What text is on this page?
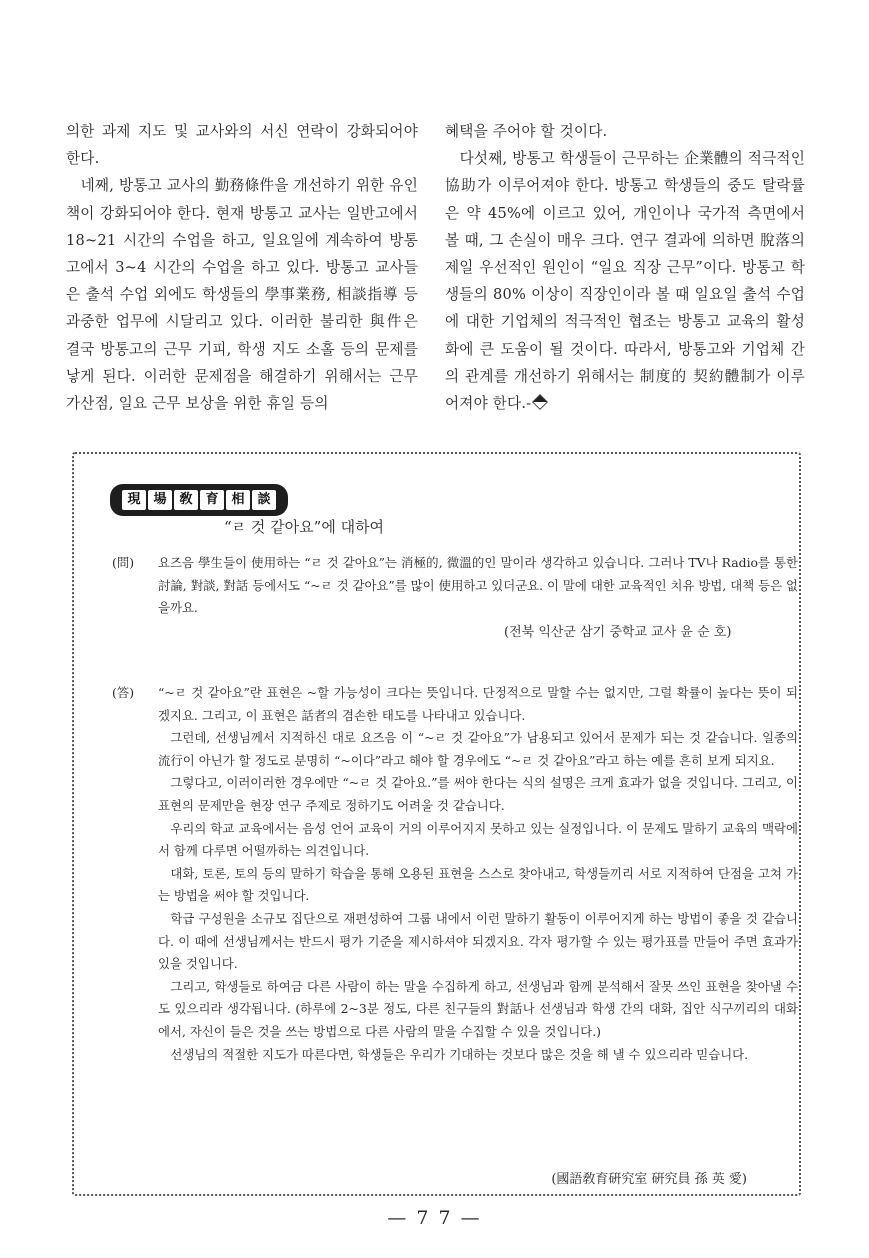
의한 과제 지도 및 교사와의 서신 연락이 강화되어야 한다.

네째, 방통고 교사의 勤務條件을 개선하기 위한 유인책이 강화되어야 한다. 현재 방통고 교사는 일반고에서 18~21 시간의 수업을 하고, 일요일에 계속하여 방통고에서 3~4 시간의 수업을 하고 있다. 방통고 교사들은 출석 수업 외에도 학생들의 學事業務, 相談指導 등 과중한 업무에 시달리고 있다. 이러한 불리한 與件은 결국 방통고의 근무 기피, 학생 지도 소홀 등의 문제를 낳게 된다. 이러한 문제점을 해결하기 위해서는 근무 가산점, 일요 근무 보상을 위한 휴일 등의

혜택을 주어야 할 것이다.

다섯째, 방통고 학생들이 근무하는 企業體의 적극적인 協助가 이루어져야 한다. 방통고 학생들의 중도 탈락률은 약 45%에 이르고 있어, 개인이나 국가적 측면에서 볼 때, 그 손실이 매우 크다. 연구 결과에 의하면 脫落의 제일 우선적인 원인이 “일요 직장 근무”이다. 방통고 학생들의 80% 이상이 직장인이라 볼 때 일요일 출석 수업에 대한 기업체의 적극적인 협조는 방통고 교육의 활성화에 큰 도움이 될 것이다. 따라서, 방통고와 기업체 간의 관계를 개선하기 위해서는 制度的 契約體制가 이루어져야 한다.-

現 場 敎 育 相 談
“ㄹ 것 같아요”에 대하여
(問) 요즈음 學生들이 使用하는 “ㄹ 것 같아요”는 消極的, 微溫的인 말이라 생각하고 있습니다. 그러나 TV나 Radio를 통한 討論, 對談, 對話 등에서도 “~ㄹ 것 같아요”를 많이 使用하고 있더군요. 이 말에 대한 교육적인 치유 방법, 대책 등은 없을까요.

(전북 익산군 삼기 중학교 교사 윤 순 호)
(答) “~ㄹ 것 같아요”란 표현은 ~할 가능성이 크다는 뜻입니다. 단정적으로 말할 수는 없지만, 그럴 확률이 높다는 뜻이 되겠지요. 그리고, 이 표현은 話者의 겸손한 태도를 나타내고 있습니다.

그런데, 선생님께서 지적하신 대로 요즈음 이 “~ㄹ 것 같아요”가 남용되고 있어서 문제가 되는 것 같습니다. 일종의 流行이 아닌가 할 정도로 분명히 “~이다”라고 해야 할 경우에도 “~ㄹ 것 같아요”라고 하는 예를 흔히 보게 되지요.

그렇다고, 이러이러한 경우에만 “~ㄹ 것 같아요.”를 써야 한다는 식의 설명은 크게 효과가 없을 것입니다. 그리고, 이 표현의 문제만을 현장 연구 주제로 정하기도 어려울 것 같습니다.

우리의 학교 교육에서는 음성 언어 교육이 거의 이루어지지 못하고 있는 실정입니다. 이 문제도 말하기 교육의 맥락에서 함께 다루면 어떨까하는 의견입니다.

대화, 토론, 토의 등의 말하기 학습을 통해 오용된 표현을 스스로 찾아내고, 학생들끼리 서로 지적하여 단점을 고쳐 가는 방법을 써야 할 것입니다.

학급 구성원을 소규모 집단으로 재편성하여 그룹 내에서 이런 말하기 활동이 이루어지게 하는 방법이 좋을 것 같습니다. 이 때에 선생님께서는 반드시 평가 기준을 제시하셔야 되겠지요. 각자 평가할 수 있는 평가표를 만들어 주면 효과가 있을 것입니다.

그리고, 학생들로 하여금 다른 사람이 하는 말을 수집하게 하고, 선생님과 함께 분석해서 잘못 쓰인 표현을 찾아낼 수도 있으리라 생각됩니다. (하루에 2~3분 정도, 다른 친구들의 對話나 선생님과 학생 간의 대화, 집안 식구끼리의 대화에서, 자신이 들은 것을 쓰는 방법으로 다른 사람의 말을 수집할 수 있을 것입니다.)

선생님의 적절한 지도가 따른다면, 학생들은 우리가 기대하는 것보다 많은 것을 해 낼 수 있으리라 믿습니다.

(國語敎育硏究室 硏究員 孫 英 愛)
— 7 7 —
